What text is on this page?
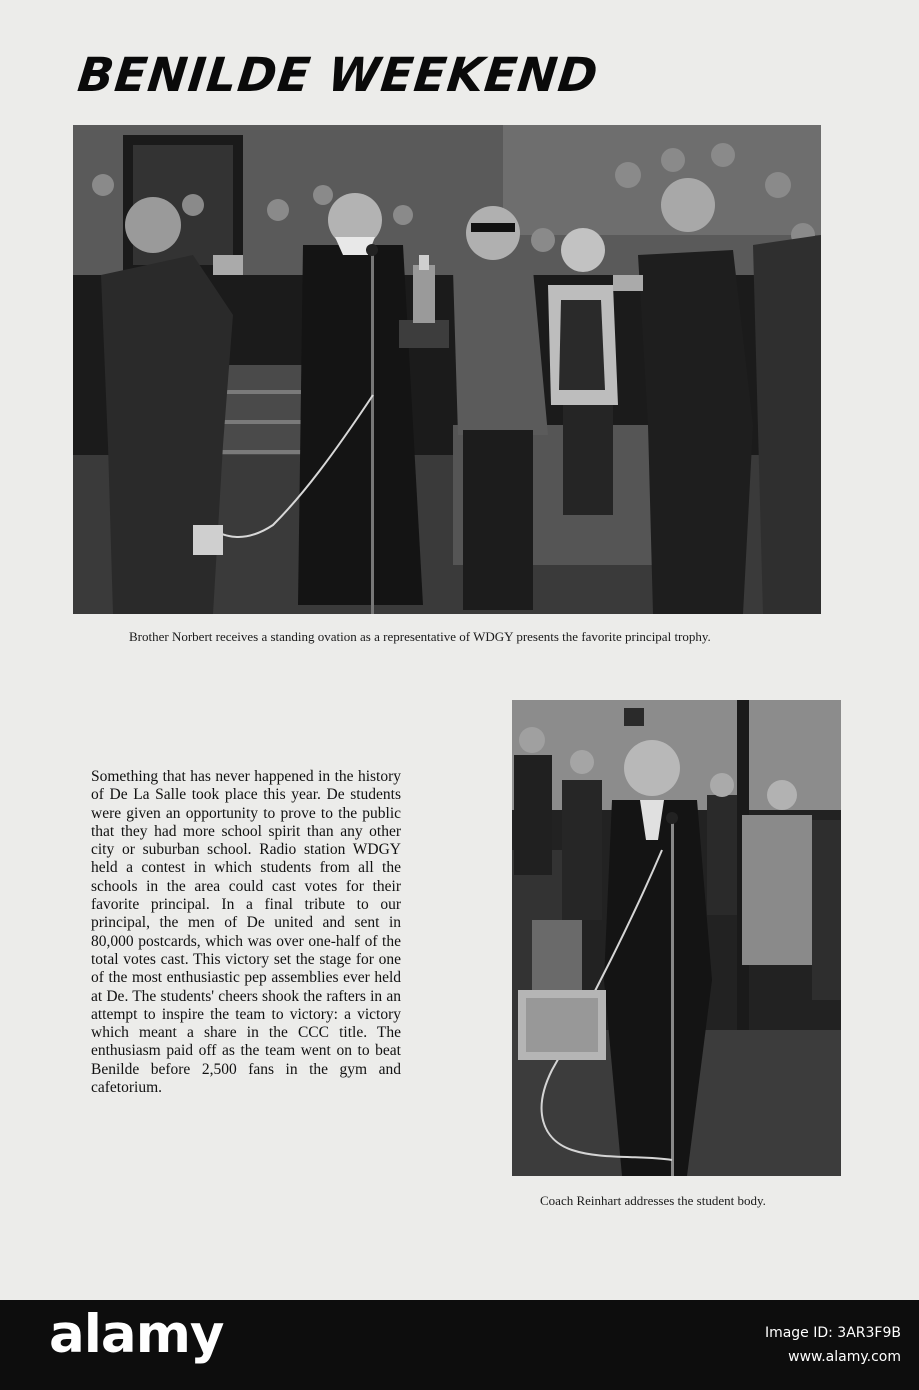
BENILDE WEEKEND

Brother Norbert receives a standing ovation as a representative of WDGY presents the favorite principal trophy.

Something that has never happened in the history of De La Salle took place this year. De students were given an opportunity to prove to the public that they had more school spirit than any other city or suburban school. Radio station WDGY held a contest in which students from all the schools in the area could cast votes for their favorite principal. In a final tribute to our principal, the men of De united and sent in 80,000 postcards, which was over one-half of the total votes cast. This victory set the stage for one of the most enthusiastic pep assemblies ever held at De. The students' cheers shook the rafters in an attempt to inspire the team to victory: a victory which meant a share in the CCC title. The enthusiasm paid off as the team went on to beat Benilde before 2,500 fans in the gym and cafetorium.

Coach Reinhart addresses the student body.

alamy	Image ID: 3AR3F9B

www.alamy.com
